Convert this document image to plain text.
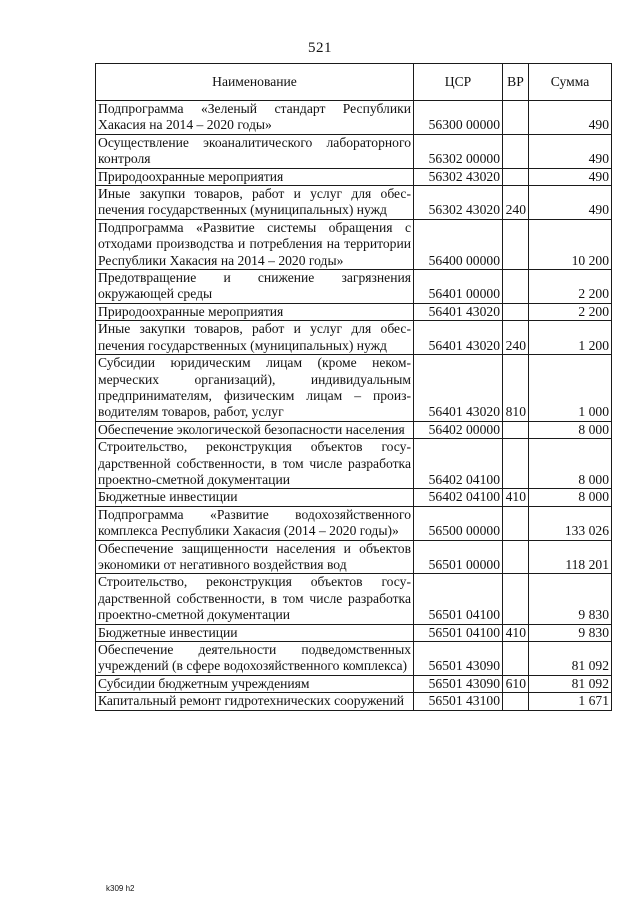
521
Наименование	ЦСР	ВР	Сумма
Подпрограмма «Зеленый стандарт Республики Хакасия на 2014 – 2020 годы»	56300 00000		490
Осуществление экоаналитического лабораторного контроля	56302 00000		490
Природоохранные мероприятия	56302 43020		490
Иные закупки товаров, работ и услуг для обеспечения государственных (муниципальных) нужд	56302 43020	240	490
Подпрограмма «Развитие системы обращения с отходами производства и потребления на территории Республики Хакасия на 2014 – 2020 годы»	56400 00000		10 200
Предотвращение и снижение загрязнения окружающей среды	56401 00000		2 200
Природоохранные мероприятия	56401 43020		2 200
Иные закупки товаров, работ и услуг для обеспечения государственных (муниципальных) нужд	56401 43020	240	1 200
Субсидии юридическим лицам (кроме некоммерческих организаций), индивидуальным предпринимателям, физическим лицам – производителям товаров, работ, услуг	56401 43020	810	1 000
Обеспечение экологической безопасности населения	56402 00000		8 000
Строительство, реконструкция объектов государственной собственности, в том числе разработка проектно-сметной документации	56402 04100		8 000
Бюджетные инвестиции	56402 04100	410	8 000
Подпрограмма «Развитие водохозяйственного комплекса Республики Хакасия (2014 – 2020 годы)»	56500 00000		133 026
Обеспечение защищенности населения и объектов экономики от негативного воздействия вод	56501 00000		118 201
Строительство, реконструкция объектов государственной собственности, в том числе разработка проектно-сметной документации	56501 04100		9 830
Бюджетные инвестиции	56501 04100	410	9 830
Обеспечение деятельности подведомственных учреждений (в сфере водохозяйственного комплекса)	56501 43090		81 092
Субсидии бюджетным учреждениям	56501 43090	610	81 092
Капитальный ремонт гидротехнических сооружений	56501 43100		1 671
k309 h2
